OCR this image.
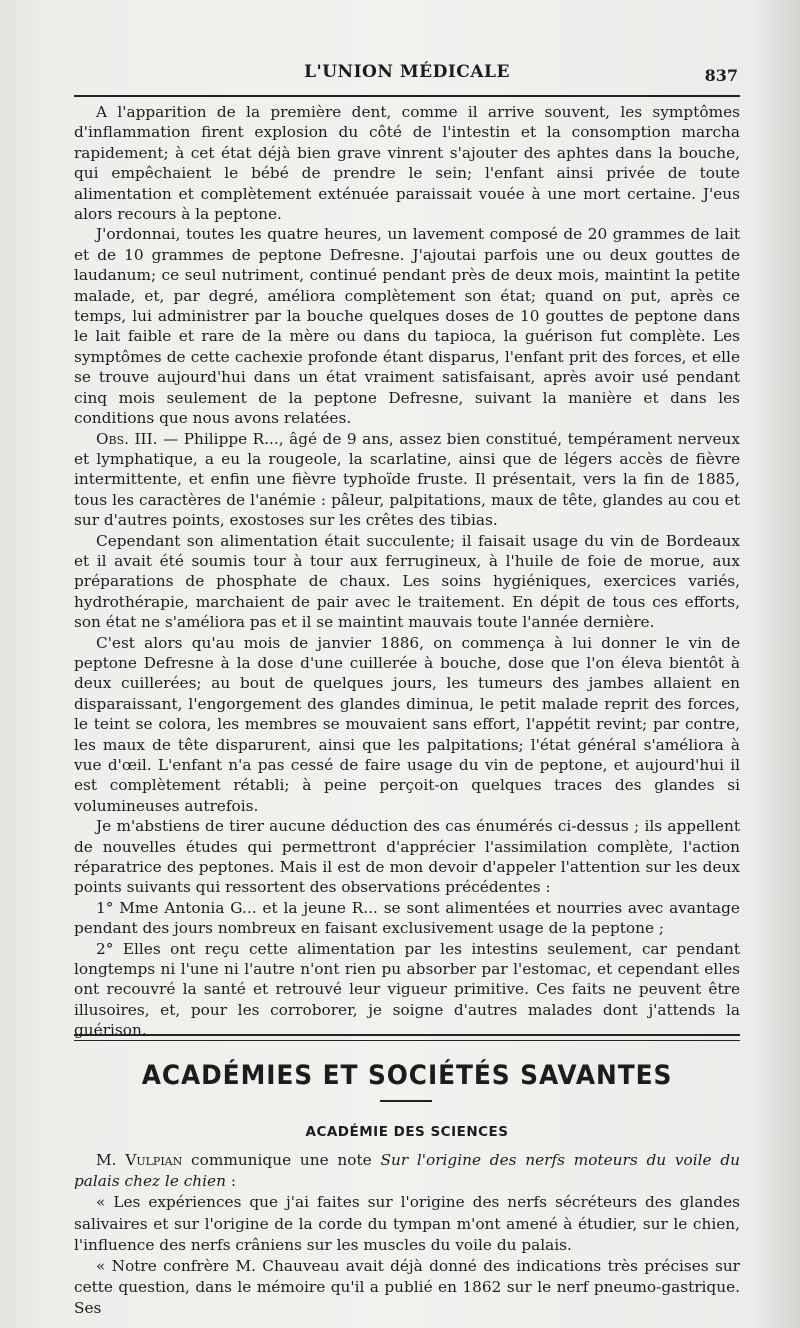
L'UNION MÉDICALE	837

A l'apparition de la première dent, comme il arrive souvent, les symptômes d'inflammation firent explosion du côté de l'intestin et la consomption marcha rapidement; à cet état déjà bien grave vinrent s'ajouter des aphtes dans la bouche, qui empêchaient le bébé de prendre le sein; l'enfant ainsi privée de toute alimentation et complètement exténuée paraissait vouée à une mort certaine. J'eus alors recours à la peptone.

J'ordonnai, toutes les quatre heures, un lavement composé de 20 grammes de lait et de 10 grammes de peptone Defresne. J'ajoutai parfois une ou deux gouttes de laudanum; ce seul nutriment, continué pendant près de deux mois, maintint la petite malade, et, par degré, améliora complètement son état; quand on put, après ce temps, lui administrer par la bouche quelques doses de 10 gouttes de peptone dans le lait faible et rare de la mère ou dans du tapioca, la guérison fut complète. Les symptômes de cette cachexie profonde étant disparus, l'enfant prit des forces, et elle se trouve aujourd'hui dans un état vraiment satisfaisant, après avoir usé pendant cinq mois seulement de la peptone Defresne, suivant la manière et dans les conditions que nous avons relatées.

Obs. III. — Philippe R..., âgé de 9 ans, assez bien constitué, tempérament nerveux et lymphatique, a eu la rougeole, la scarlatine, ainsi que de légers accès de fièvre intermittente, et enfin une fièvre typhoïde fruste. Il présentait, vers la fin de 1885, tous les caractères de l'anémie : pâleur, palpitations, maux de tête, glandes au cou et sur d'autres points, exostoses sur les crêtes des tibias.

Cependant son alimentation était succulente; il faisait usage du vin de Bordeaux et il avait été soumis tour à tour aux ferrugineux, à l'huile de foie de morue, aux préparations de phosphate de chaux. Les soins hygiéniques, exercices variés, hydrothérapie, marchaient de pair avec le traitement. En dépit de tous ces efforts, son état ne s'améliora pas et il se maintint mauvais toute l'année dernière.

C'est alors qu'au mois de janvier 1886, on commença à lui donner le vin de peptone Defresne à la dose d'une cuillerée à bouche, dose que l'on éleva bientôt à deux cuillerées; au bout de quelques jours, les tumeurs des jambes allaient en disparaissant, l'engorgement des glandes diminua, le petit malade reprit des forces, le teint se colora, les membres se mouvaient sans effort, l'appétit revint; par contre, les maux de tête disparurent, ainsi que les palpitations; l'état général s'améliora à vue d'œil. L'enfant n'a pas cessé de faire usage du vin de peptone, et aujourd'hui il est complètement rétabli; à peine perçoit-on quelques traces des glandes si volumineuses autrefois.

Je m'abstiens de tirer aucune déduction des cas énumérés ci-dessus ; ils appellent de nouvelles études qui permettront d'apprécier l'assimilation complète, l'action réparatrice des peptones. Mais il est de mon devoir d'appeler l'attention sur les deux points suivants qui ressortent des observations précédentes :

1° Mme Antonia G... et la jeune R... se sont alimentées et nourries avec avantage pendant des jours nombreux en faisant exclusivement usage de la peptone ;

2° Elles ont reçu cette alimentation par les intestins seulement, car pendant longtemps ni l'une ni l'autre n'ont rien pu absorber par l'estomac, et cependant elles ont recouvré la santé et retrouvé leur vigueur primitive. Ces faits ne peuvent être illusoires, et, pour les corroborer, je soigne d'autres malades dont j'attends la guérison.

ACADÉMIES ET SOCIÉTÉS SAVANTES
ACADÉMIE DES SCIENCES

M. Vulpian communique une note Sur l'origine des nerfs moteurs du voile du palais chez le chien :

« Les expériences que j'ai faites sur l'origine des nerfs sécréteurs des glandes salivaires et sur l'origine de la corde du tympan m'ont amené à étudier, sur le chien, l'influence des nerfs crâniens sur les muscles du voile du palais.

« Notre confrère M. Chauveau avait déjà donné des indications très précises sur cette question, dans le mémoire qu'il a publié en 1862 sur le nerf pneumo-gastrique. Ses
